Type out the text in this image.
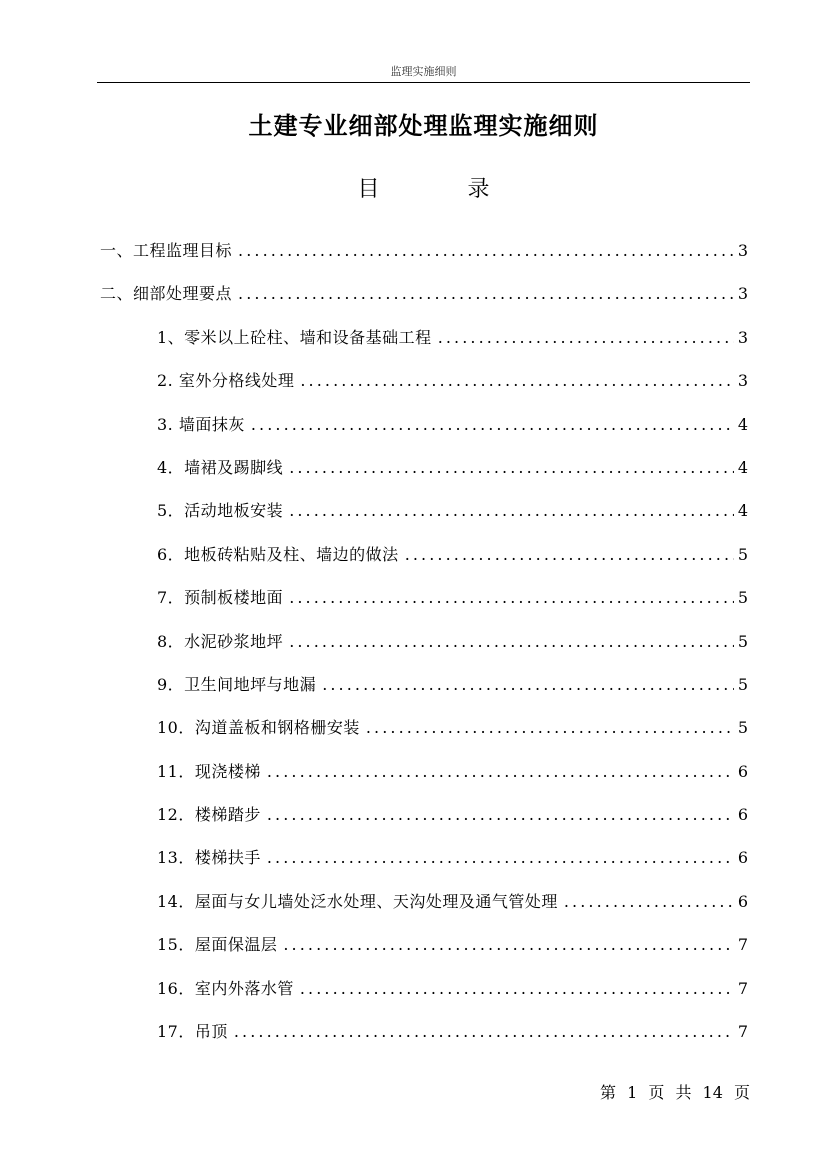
监理实施细则
土建专业细部处理监理实施细则
目	录
一、工程监理目标 .....	3
二、细部处理要点 .....	3
1、零米以上砼柱、墙和设备基础工程 .....	3
2. 室外分格线处理 .....	3
3. 墙面抹灰 .....	4
4．墙裙及踢脚线 .....	4
5．活动地板安装 .....	4
6．地板砖粘贴及柱、墙边的做法 .....	5
7．预制板楼地面 .....	5
8．水泥砂浆地坪 .....	5
9．卫生间地坪与地漏 .....	5
10．沟道盖板和钢格栅安装 .....	5
11．现浇楼梯 .....	6
12．楼梯踏步 .....	6
13．楼梯扶手 .....	6
14．屋面与女儿墙处泛水处理、天沟处理及通气管处理 .....	6
15．屋面保温层 .....	7
16．室内外落水管 .....	7
17．吊顶 .....	7
第 1 页 共 14 页
